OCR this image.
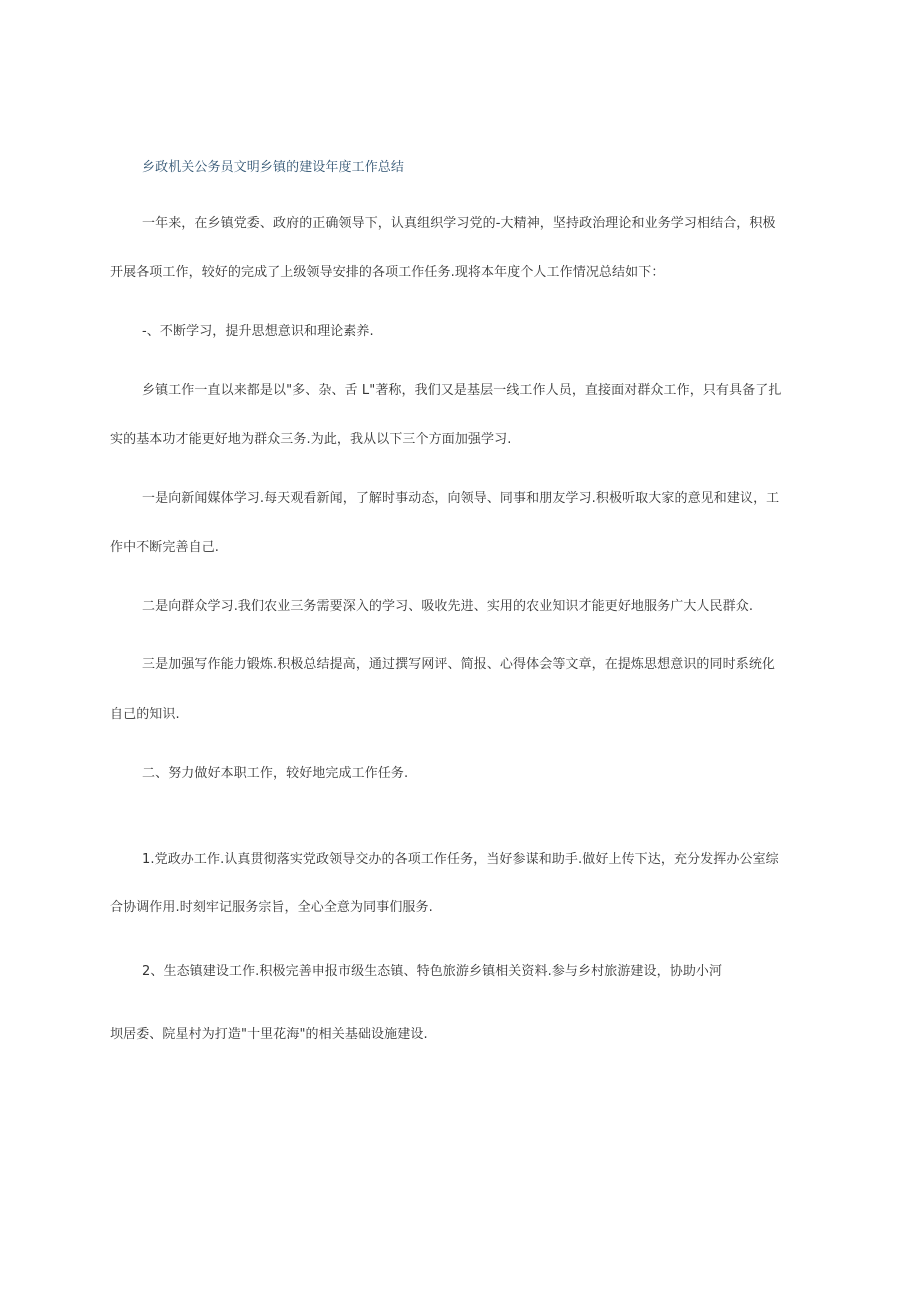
乡政机关公务员文明乡镇的建设年度工作总结
一年来，在乡镇党委、政府的正确领导下，认真组织学习党的-大精神，坚持政治理论和业务学习相结合，积极
开展各项工作，较好的完成了上级领导安排的各项工作任务.现将本年度个人工作情况总结如下：
-、不断学习，提升思想意识和理论素养.
乡镇工作一直以来都是以"多、杂、舌 L"著称，我们又是基层一线工作人员，直接面对群众工作，只有具备了扎
实的基本功才能更好地为群众三务.为此，我从以下三个方面加强学习.
一是向新闻媒体学习.每天观看新闻，了解时事动态，向领导、同事和朋友学习.积极听取大家的意见和建议，工
作中不断完善自己.
二是向群众学习.我们农业三务需要深入的学习、吸收先进、实用的农业知识才能更好地服务广大人民群众.
三是加强写作能力锻炼.积极总结提高，通过撰写网评、简报、心得体会等文章，在提炼思想意识的同时系统化
自己的知识.
二、努力做好本职工作，较好地完成工作任务.
1.党政办工作.认真贯彻落实党政领导交办的各项工作任务，当好参谋和助手.做好上传下达，充分发挥办公室综
合协调作用.时刻牢记服务宗旨，全心全意为同事们服务.
2、生态镇建设工作.积极完善申报市级生态镇、特色旅游乡镇相关资料.参与乡村旅游建设，协助小河
坝居委、院星村为打造"十里花海"的相关基础设施建设.
